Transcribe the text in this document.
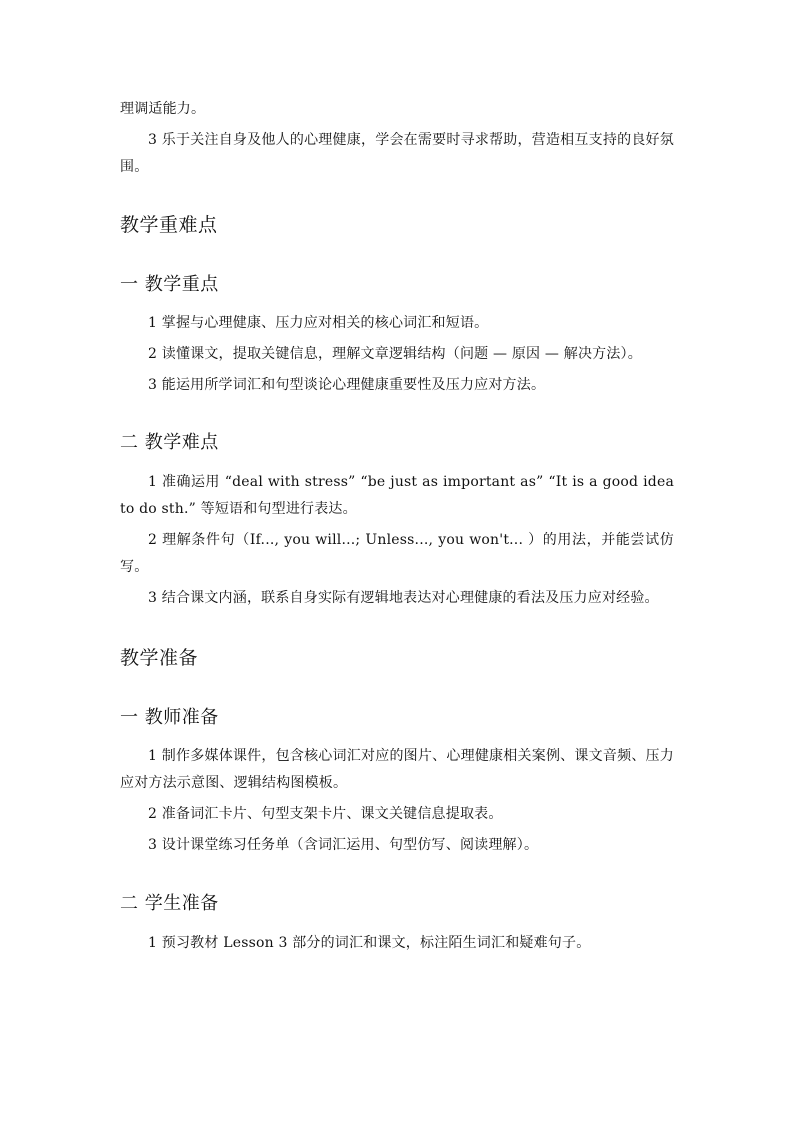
理调适能力。

3 乐于关注自身及他人的心理健康，学会在需要时寻求帮助，营造相互支持的良好氛围。

教学重难点
一 教学重点

1 掌握与心理健康、压力应对相关的核心词汇和短语。

2 读懂课文，提取关键信息，理解文章逻辑结构（问题 — 原因 — 解决方法）。

3 能运用所学词汇和句型谈论心理健康重要性及压力应对方法。

二 教学难点

1 准确运用 “deal with stress” “be just as important as” “It is a good idea to do sth.” 等短语和句型进行表达。

2 理解条件句（If..., you will...; Unless..., you won't... ）的用法，并能尝试仿写。

3 结合课文内涵，联系自身实际有逻辑地表达对心理健康的看法及压力应对经验。

教学准备
一 教师准备

1 制作多媒体课件，包含核心词汇对应的图片、心理健康相关案例、课文音频、压力应对方法示意图、逻辑结构图模板。

2 准备词汇卡片、句型支架卡片、课文关键信息提取表。

3 设计课堂练习任务单（含词汇运用、句型仿写、阅读理解）。

二 学生准备

1 预习教材 Lesson 3 部分的词汇和课文，标注陌生词汇和疑难句子。
